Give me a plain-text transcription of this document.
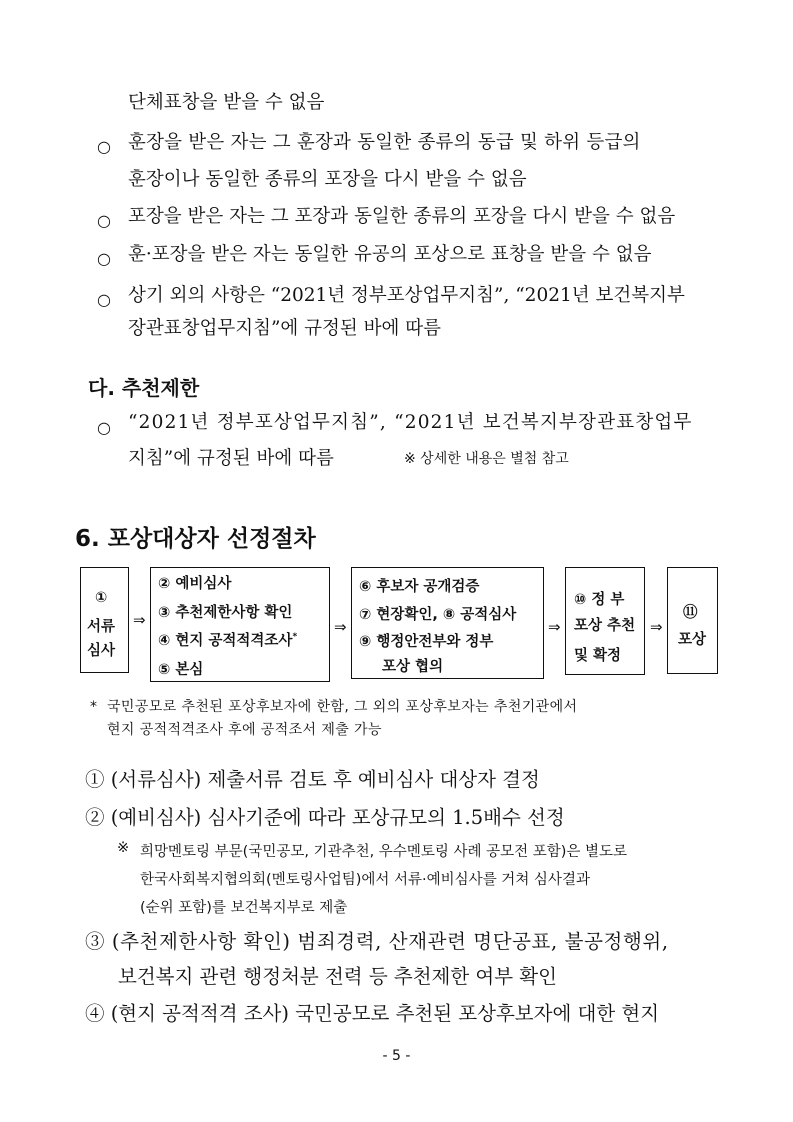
단체표창을 받을 수 없음
○ 훈장을 받은 자는 그 훈장과 동일한 종류의 동급 및 하위 등급의
훈장이나 동일한 종류의 포장을 다시 받을 수 없음
○ 포장을 받은 자는 그 포장과 동일한 종류의 포장을 다시 받을 수 없음
○ 훈·포장을 받은 자는 동일한 유공의 포상으로 표창을 받을 수 없음
○ 상기 외의 사항은 “2021년 정부포상업무지침”, “2021년 보건복지부
장관표창업무지침”에 규정된 바에 따름
다. 추천제한
○ “2021년 정부포상업무지침”, “2021년 보건복지부장관표창업무
지침”에 규정된 바에 따름	※ 상세한 내용은 별첨 참고
6. 포상대상자 선정절차
①
서류
심사
⇒
② 예비심사
③ 추천제한사항 확인
④ 현지 공적적격조사*
⑤ 본심
⇒
⑥ 후보자 공개검증
⑦ 현장확인, ⑧ 공적심사
⑨ 행정안전부와 정부
포상 협의
⇒
⑩ 정 부
포상 추천
및 확정
⇒
⑪
포상
* 국민공모로 추천된 포상후보자에 한함, 그 외의 포상후보자는 추천기관에서
현지 공적적격조사 후에 공적조서 제출 가능
① (서류심사) 제출서류 검토 후 예비심사 대상자 결정
② (예비심사) 심사기준에 따라 포상규모의 1.5배수 선정
※ 희망멘토링 부문(국민공모, 기관추천, 우수멘토링 사례 공모전 포함)은 별도로
한국사회복지협의회(멘토링사업팀)에서 서류·예비심사를 거쳐 심사결과
(순위 포함)를 보건복지부로 제출
③ (추천제한사항 확인) 범죄경력, 산재관련 명단공표, 불공정행위,
보건복지 관련 행정처분 전력 등 추천제한 여부 확인
④ (현지 공적적격 조사) 국민공모로 추천된 포상후보자에 대한 현지
- 5 -
